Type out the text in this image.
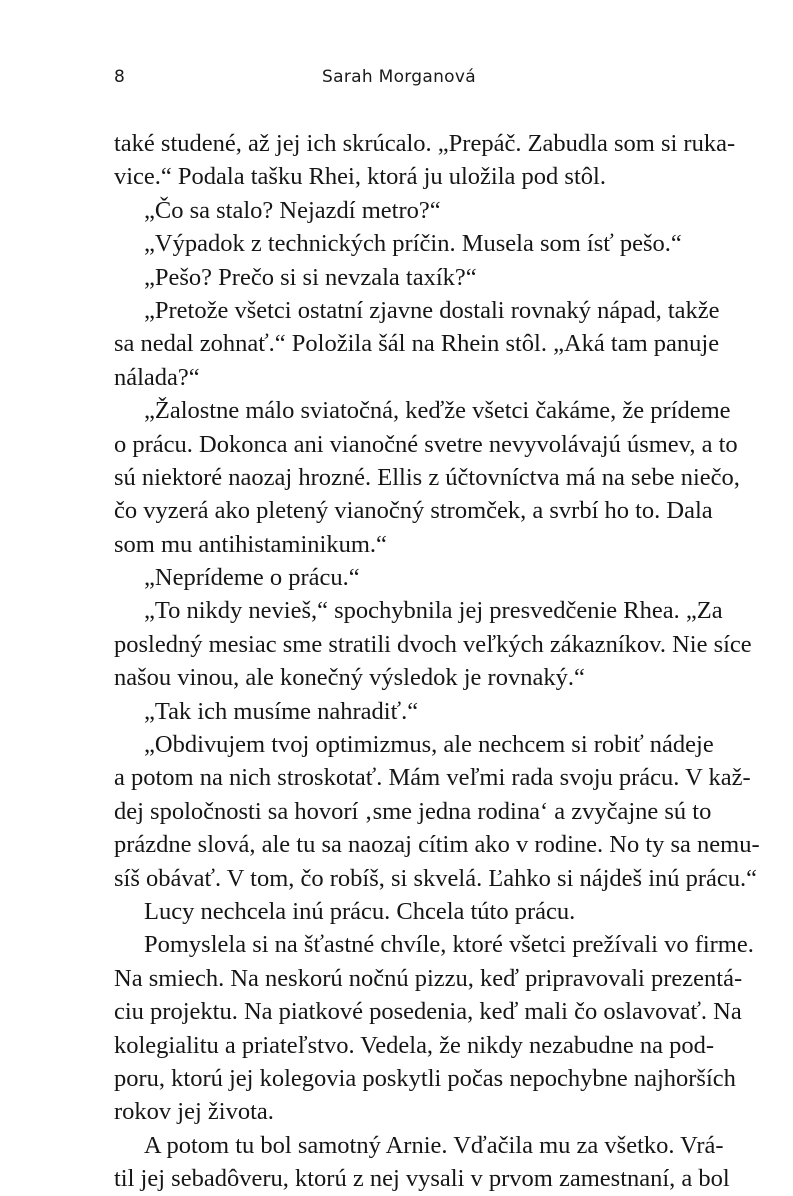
8	Sarah Morganová
také studené, až jej ich skrúcalo. „Prepáč. Zabudla som si ruka-
vice.“ Podala tašku Rhei, ktorá ju uložila pod stôl.
„Čo sa stalo? Nejazdí metro?“
„Výpadok z technických príčin. Musela som ísť pešo.“
„Pešo? Prečo si si nevzala taxík?“
„Pretože všetci ostatní zjavne dostali rovnaký nápad, takže
sa nedal zohnať.“ Položila šál na Rhein stôl. „Aká tam panuje
nálada?“
„Žalostne málo sviatočná, keďže všetci čakáme, že prídeme
o prácu. Dokonca ani vianočné svetre nevyvolávajú úsmev, a to
sú niektoré naozaj hrozné. Ellis z účtovníctva má na sebe niečo,
čo vyzerá ako pletený vianočný stromček, a svrbí ho to. Dala
som mu antihistaminikum.“
„Neprídeme o prácu.“
„To nikdy nevieš,“ spochybnila jej presvedčenie Rhea. „Za
posledný mesiac sme stratili dvoch veľkých zákazníkov. Nie síce
našou vinou, ale konečný výsledok je rovnaký.“
„Tak ich musíme nahradiť.“
„Obdivujem tvoj optimizmus, ale nechcem si robiť nádeje
a potom na nich stroskotať. Mám veľmi rada svoju prácu. V kaž-
dej spoločnosti sa hovorí ‚sme jedna rodina‘ a zvyčajne sú to
prázdne slová, ale tu sa naozaj cítim ako v rodine. No ty sa nemu-
síš obávať. V tom, čo robíš, si skvelá. Ľahko si nájdeš inú prácu.“
Lucy nechcela inú prácu. Chcela túto prácu.
Pomyslela si na šťastné chvíle, ktoré všetci prežívali vo firme.
Na smiech. Na neskorú nočnú pizzu, keď pripravovali prezentá-
ciu projektu. Na piatkové posedenia, keď mali čo oslavovať. Na
kolegialitu a priateľstvo. Vedela, že nikdy nezabudne na pod-
poru, ktorú jej kolegovia poskytli počas nepochybne najhorších
rokov jej života.
A potom tu bol samotný Arnie. Vďačila mu za všetko. Vrá-
til jej sebadôveru, ktorú z nej vysali v prvom zamestnaní, a bol
